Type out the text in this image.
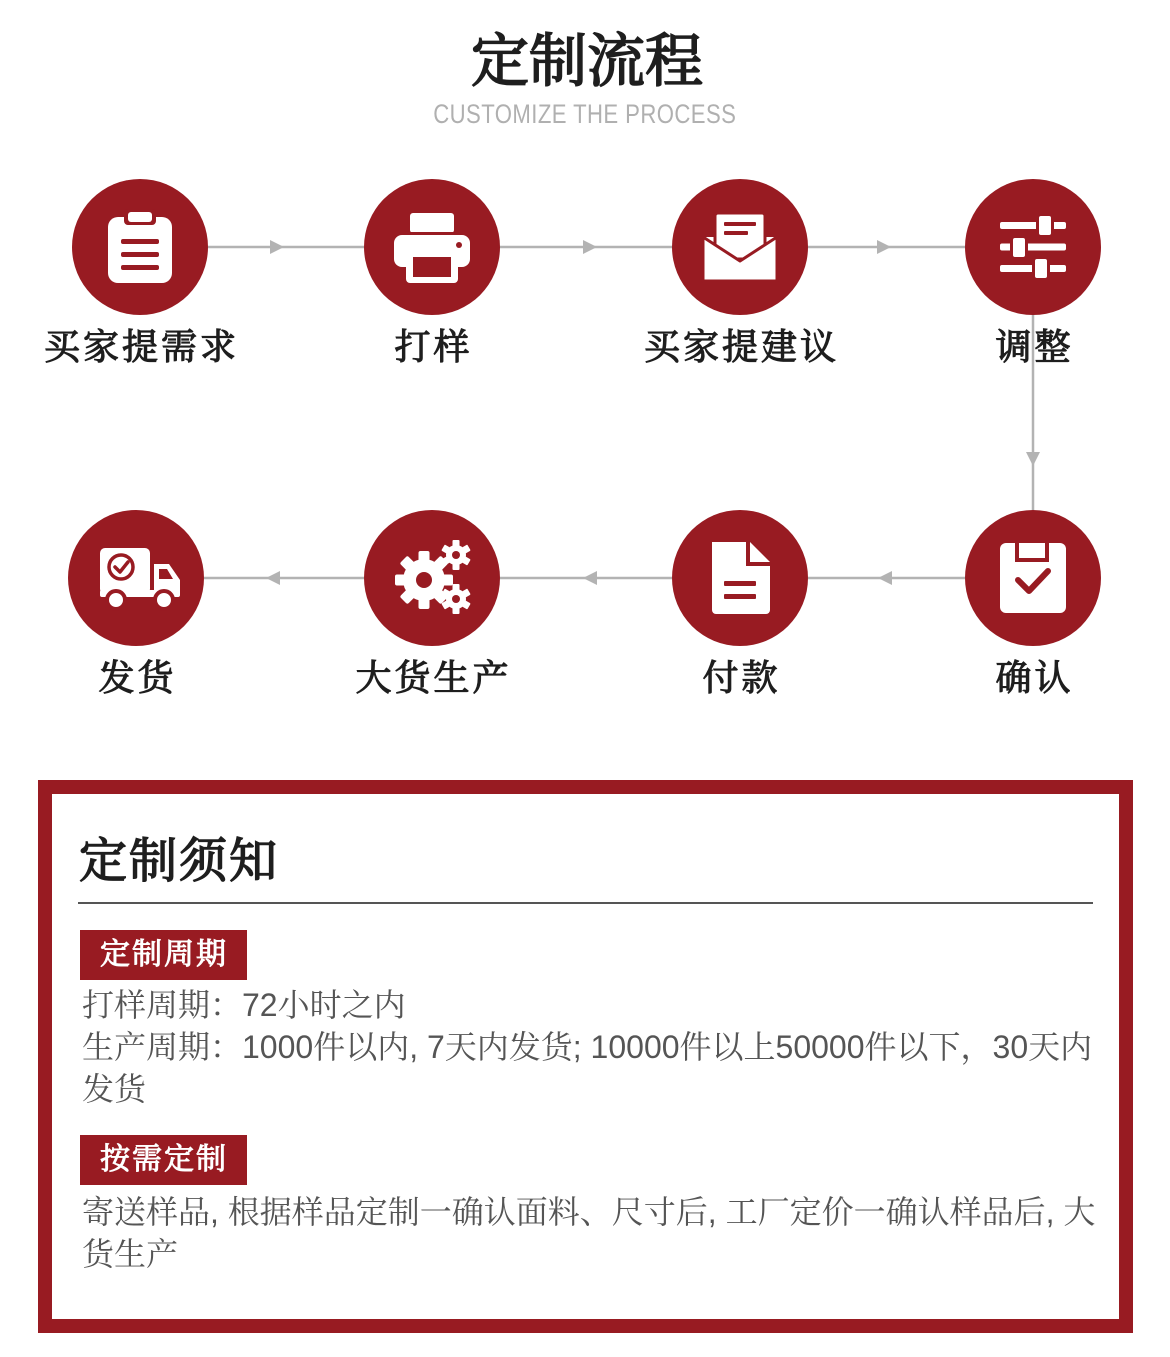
定制流程
CUSTOMIZE THE PROCESS
买家提需求	打样	买家提建议	调整
确认
付款
大货生产
发货
定制须知
定制周期

打样周期：72小时之内

生产周期：1000件以内, 7天内发货; 10000件以上50000件以下，30天内发货

按需定制

寄送样品, 根据样品定制一确认面料、尺寸后, 工厂定价一确认样品后, 大货生产
